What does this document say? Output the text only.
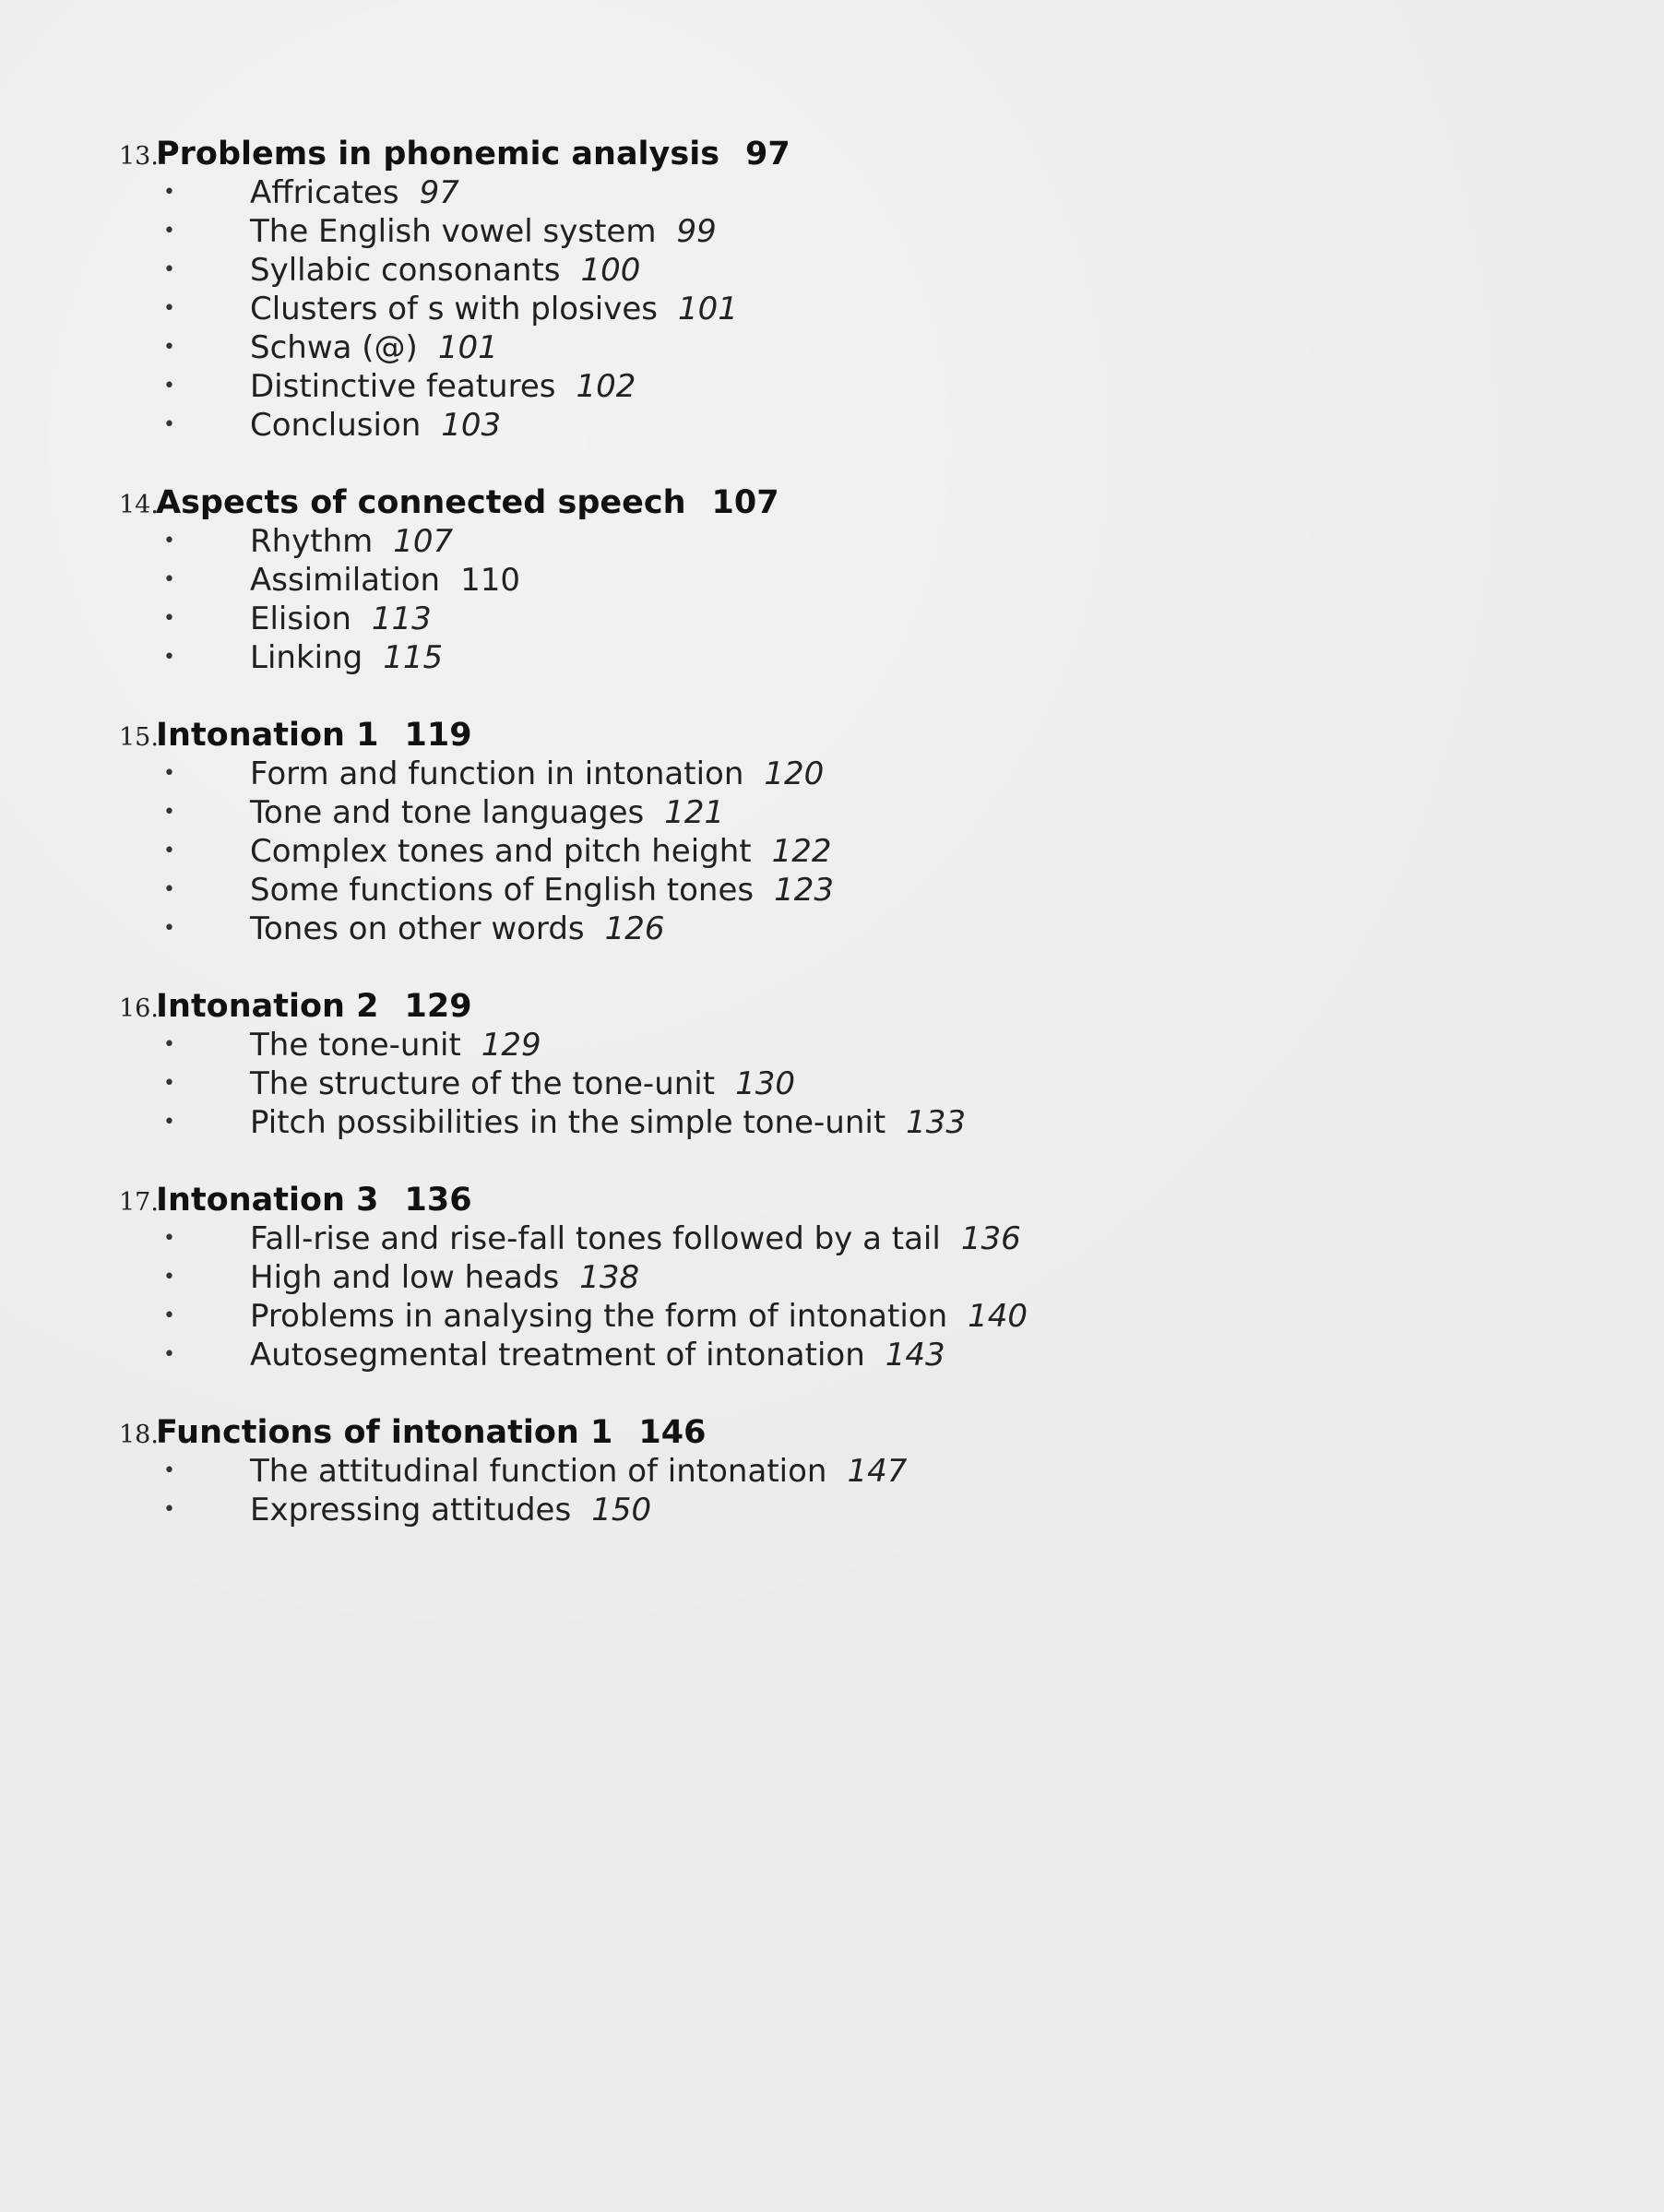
13.Problems in phonemic analysis 97
• Affricates 97
• The English vowel system 99
• Syllabic consonants 100
• Clusters of s with plosives 101
• Schwa (@) 101
• Distinctive features 102
• Conclusion 103
14.Aspects of connected speech 107
• Rhythm 107
• Assimilation 110
• Elision 113
• Linking 115
15.Intonation 1 119
• Form and function in intonation 120
• Tone and tone languages 121
• Complex tones and pitch height 122
• Some functions of English tones 123
• Tones on other words 126
16.Intonation 2 129
• The tone-unit 129
• The structure of the tone-unit 130
• Pitch possibilities in the simple tone-unit 133
17.Intonation 3 136
• Fall-rise and rise-fall tones followed by a tail 136
• High and low heads 138
• Problems in analysing the form of intonation 140
• Autosegmental treatment of intonation 143
18.Functions of intonation 1 146
• The attitudinal function of intonation 147
• Expressing attitudes 150
